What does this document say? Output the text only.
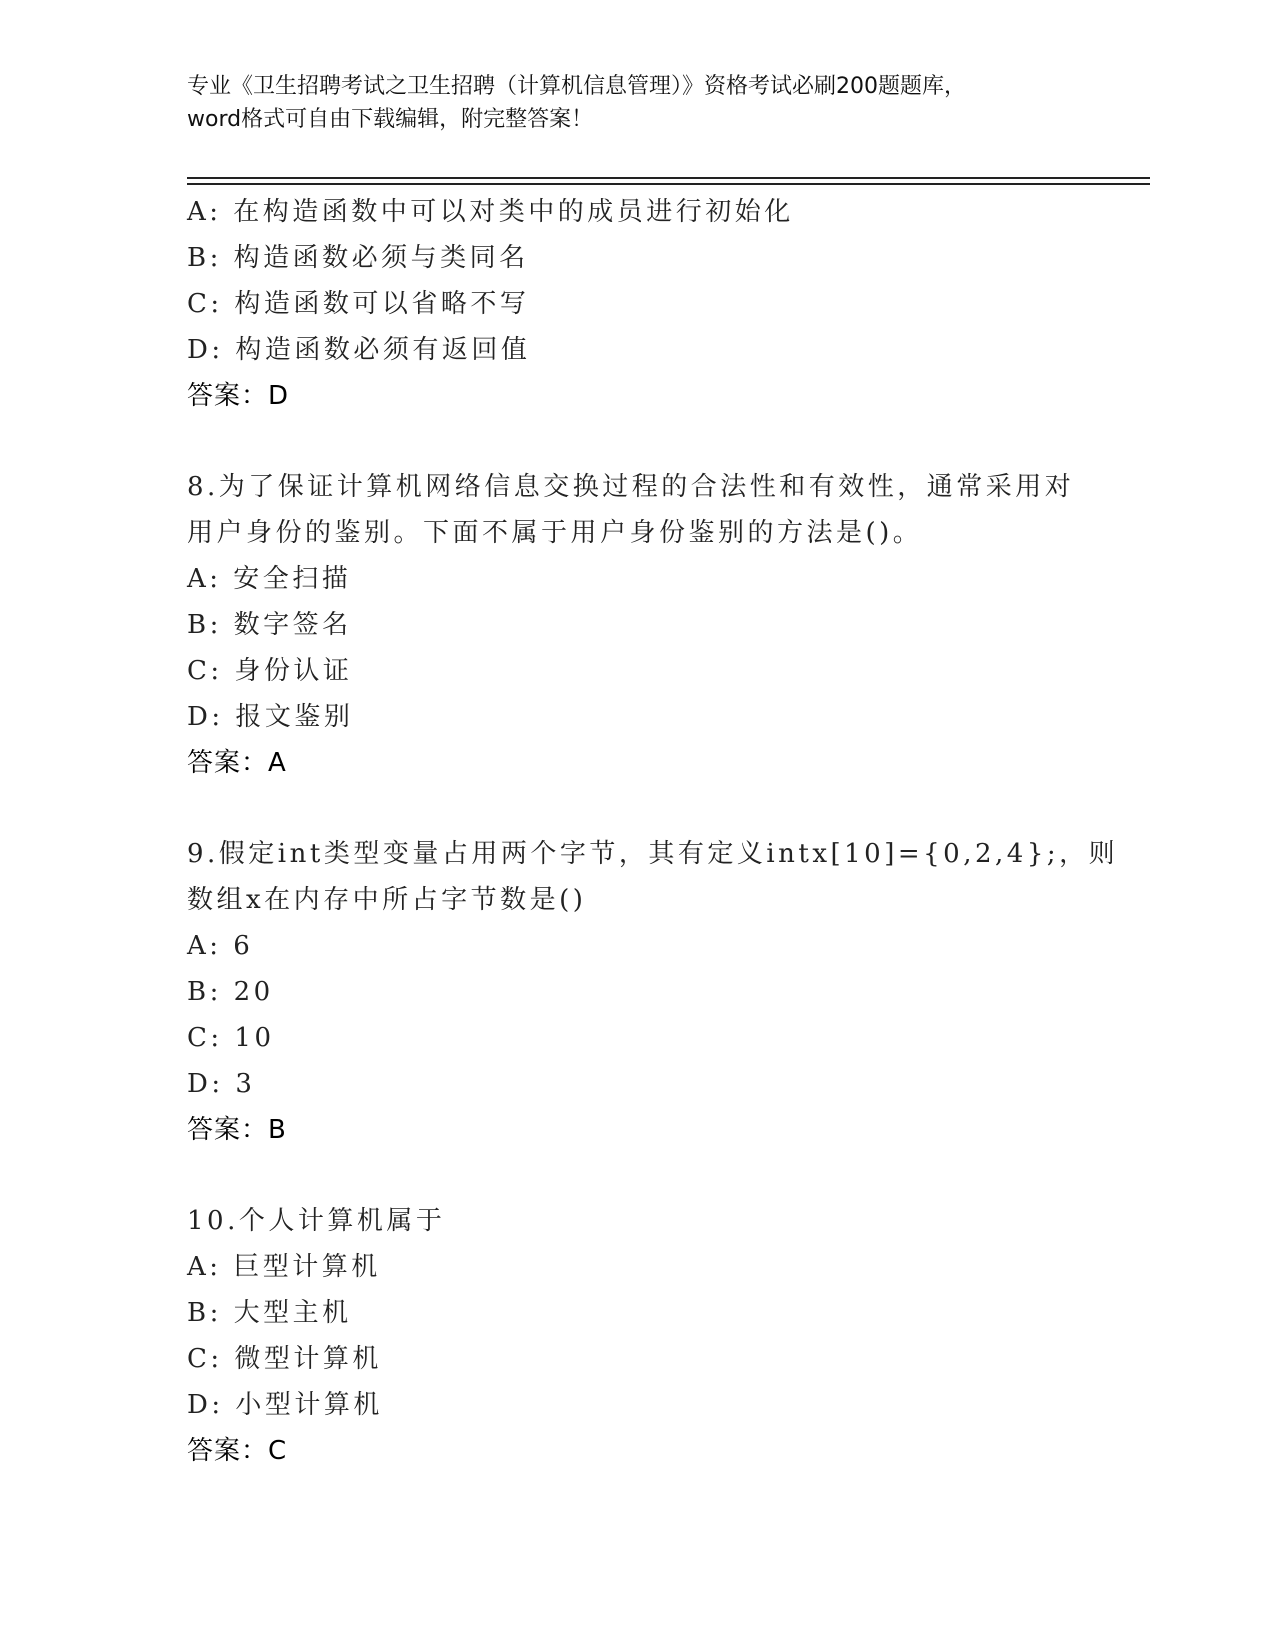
专业《卫生招聘考试之卫生招聘（计算机信息管理）》资格考试必刷200题题库，
word格式可自由下载编辑，附完整答案！
A: 在构造函数中可以对类中的成员进行初始化
B: 构造函数必须与类同名
C: 构造函数可以省略不写
D: 构造函数必须有返回值
答案：D
8.为了保证计算机网络信息交换过程的合法性和有效性，通常采用对
用户身份的鉴别。下面不属于用户身份鉴别的方法是()。
A: 安全扫描
B: 数字签名
C: 身份认证
D: 报文鉴别
答案：A
9.假定int类型变量占用两个字节，其有定义intx[10]={0,2,4};，则
数组x在内存中所占字节数是()
A: 6
B: 20
C: 10
D: 3
答案：B
10.个人计算机属于
A: 巨型计算机
B: 大型主机
C: 微型计算机
D: 小型计算机
答案：C
